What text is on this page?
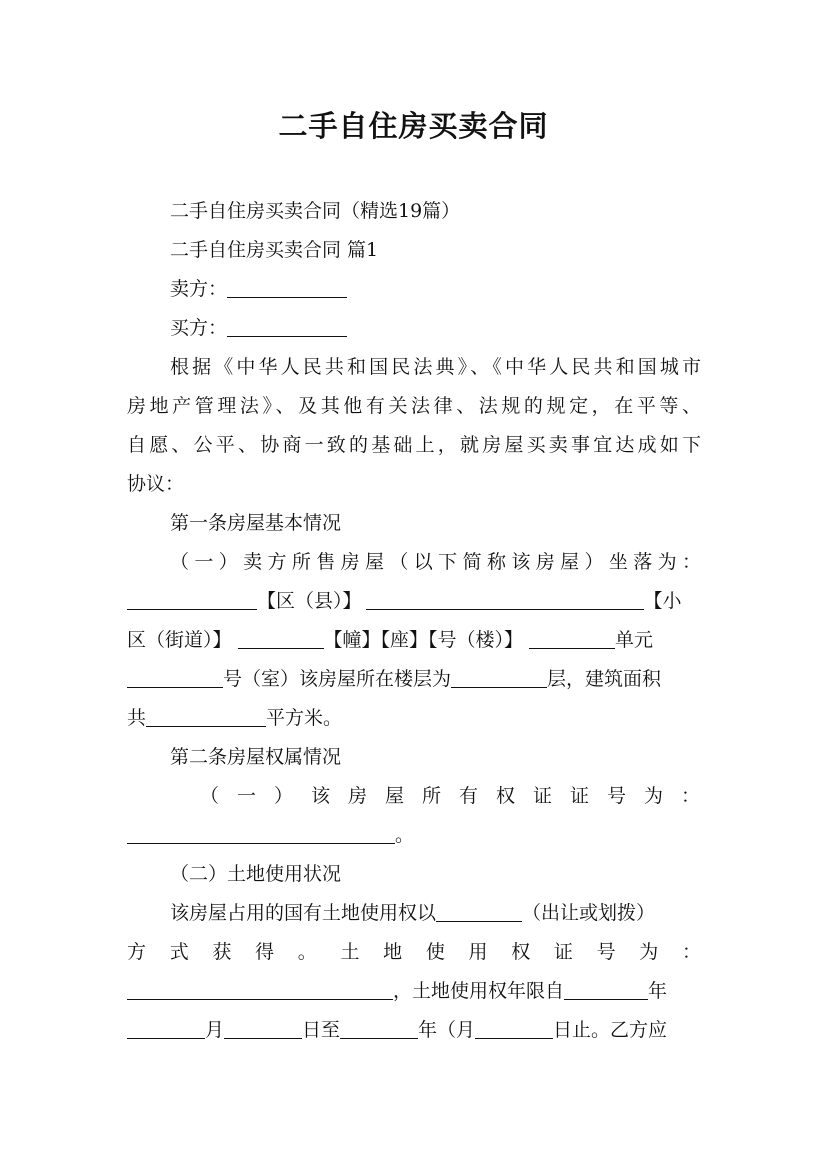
二手自住房买卖合同
二手自住房买卖合同（精选19篇）
二手自住房买卖合同 篇1
卖方：
买方：
根据《中华人民共和国民法典》、《中华人民共和国城市
房地产管理法》、及其他有关法律、法规的规定，在平等、
自愿、公平、协商一致的基础上，就房屋买卖事宜达成如下
协议：
第一条房屋基本情况
（一）卖方所售房屋（以下简称该房屋）坐落为：
【区（县）】	【小
区（街道）】	【幢】【座】【号（楼）】	单元
号（室）该房屋所在楼层为	层，建筑面积
共	平方米。
第二条房屋权属情况
（一）该房屋所有权证证号为：
。
（二）土地使用状况
该房屋占用的国有土地使用权以	（出让或划拨）
方式获得。土地使用权证号为：
，土地使用权年限自	年
月	日至	年（月	日止。乙方应
